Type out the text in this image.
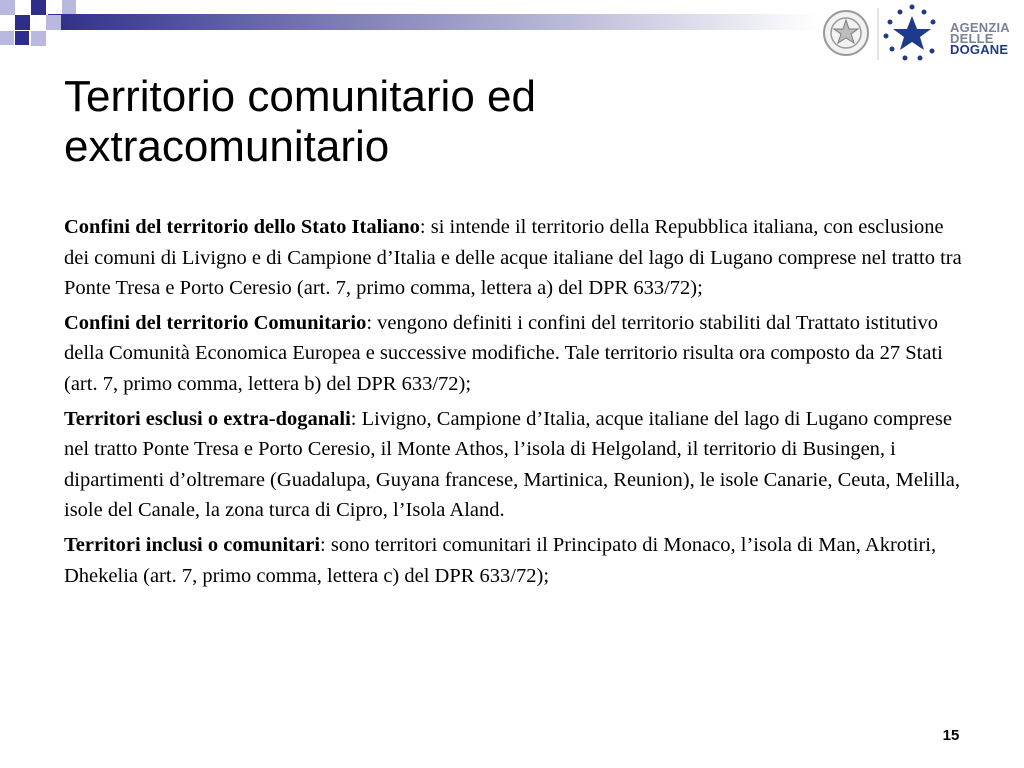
AGENZIA
DELLE
DOGANE
Territorio comunitario ed
extracomunitario

Confini del territorio dello Stato Italiano: si intende il territorio della Repubblica italiana, con esclusione dei comuni di Livigno e di Campione d’Italia e delle acque italiane del lago di Lugano comprese nel tratto tra Ponte Tresa e Porto Ceresio (art. 7, primo comma, lettera a) del DPR 633/72);

Confini del territorio Comunitario: vengono definiti i confini del territorio stabiliti dal Trattato istitutivo della Comunità Economica Europea e successive modifiche. Tale territorio risulta ora composto da 27 Stati (art. 7, primo comma, lettera b) del DPR 633/72);

Territori esclusi o extra-doganali: Livigno, Campione d’Italia, acque italiane del lago di Lugano comprese nel tratto Ponte Tresa e Porto Ceresio, il Monte Athos, l’isola di Helgoland, il territorio di Busingen, i dipartimenti d’oltremare (Guadalupa, Guyana francese, Martinica, Reunion), le isole Canarie, Ceuta, Melilla, isole del Canale, la zona turca di Cipro, l’Isola Aland.

Territori inclusi o comunitari: sono territori comunitari il Principato di Monaco, l’isola di Man, Akrotiri, Dhekelia (art. 7, primo comma, lettera c) del DPR 633/72);

15
